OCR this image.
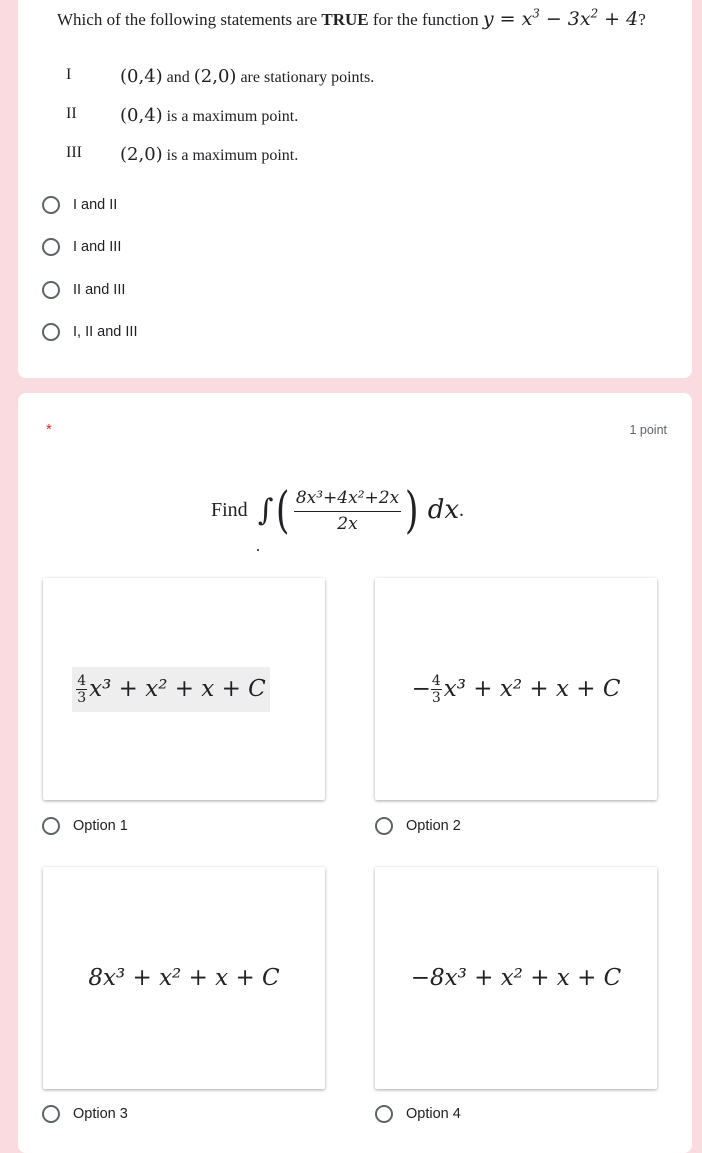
Which of the following statements are TRUE for the function $y = x^3 - 3x^2 + 4$?
I	(0,4) and (2,0) are stationary points.
II	(0,4) is a maximum point.
III	(2,0) is a maximum point.
I and II
I and III
II and III
I, II and III
*	1 point
Find ∫ ( $\frac{\text{8x³+4x²+2x}}{2x}$ ) dx .
$\frac{4}{3} x^3 + x^2 + x + C$
Option 1
− $\frac{4}{3} x^3 + x^2 + x + C$
Option 2
8x³ + x² + x + C
Option 3
−8x³ + x² + x + C
Option 4
